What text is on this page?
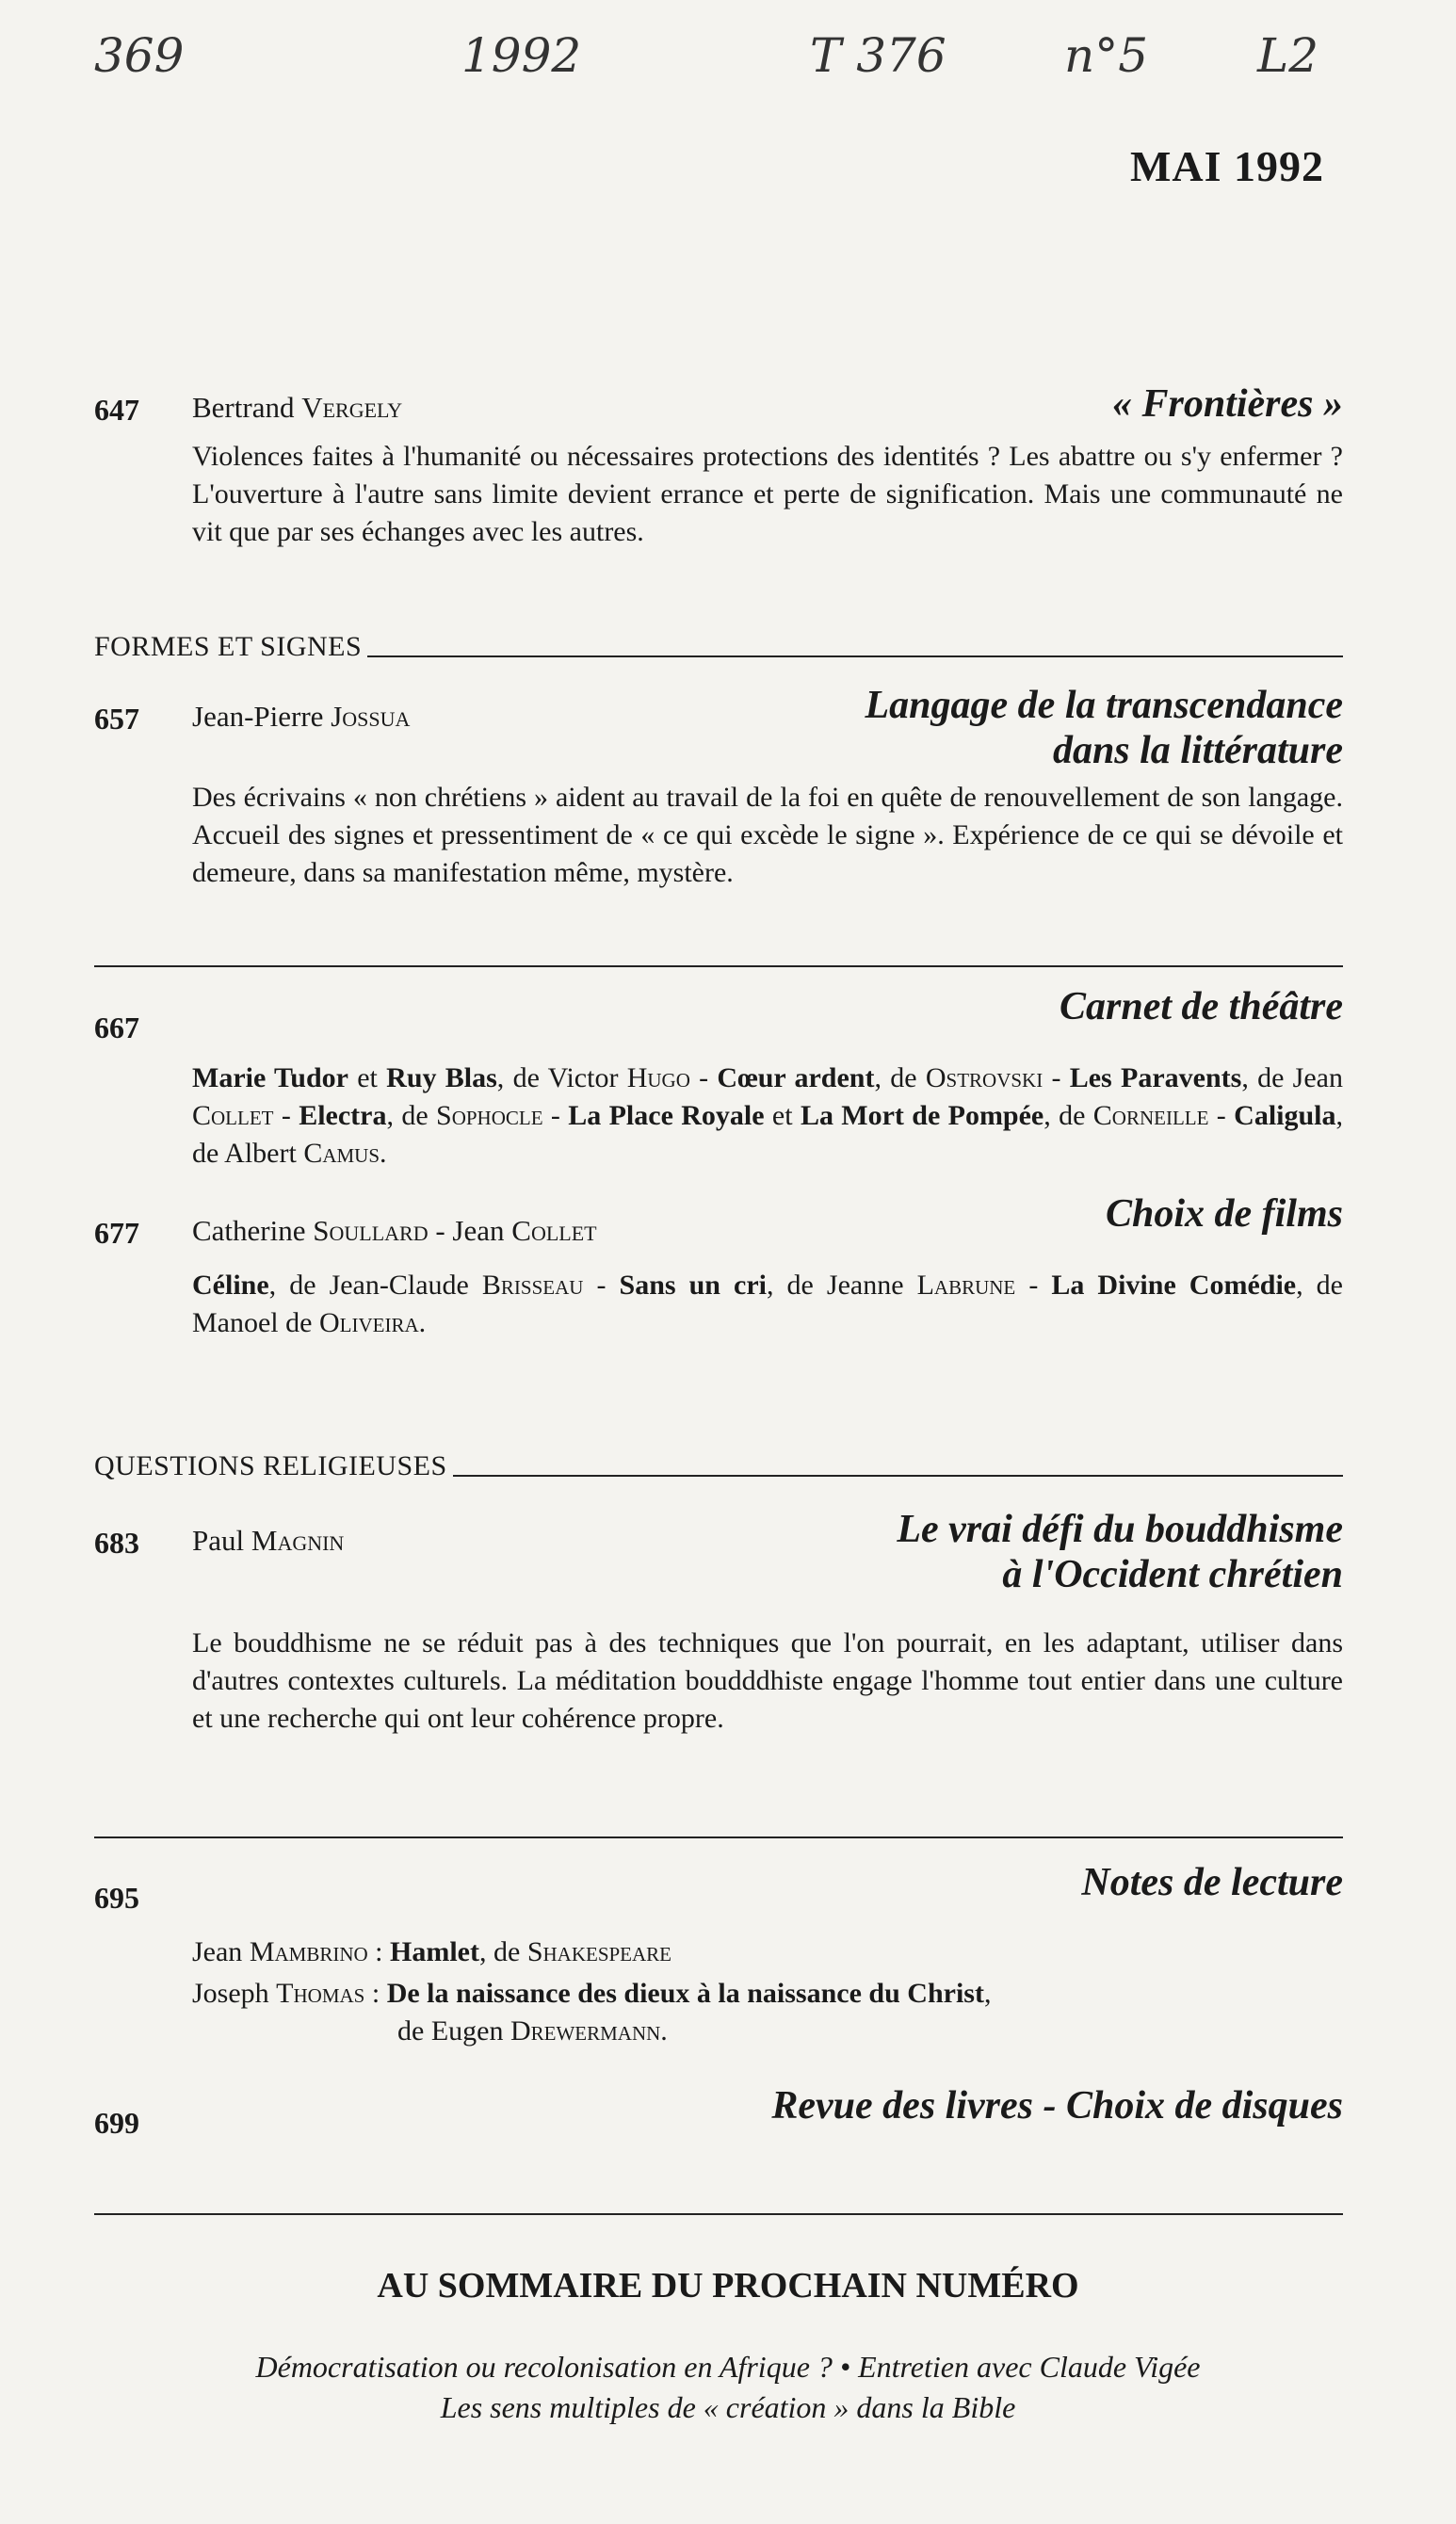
369	1992	T 376	n°5 L2
MAI 1992
647 Bertrand Vergely	« Frontières »
Violences faites à l'humanité ou nécessaires protections des identités ? Les abattre ou s'y enfermer ? L'ouverture à l'autre sans limite devient errance et perte de signification. Mais une communauté ne vit que par ses échanges avec les autres.
FORMES ET SIGNES
657 Jean-Pierre Jossua	Langage de la transcendance
dans la littérature
Des écrivains « non chrétiens » aident au travail de la foi en quête de renouvellement de son langage. Accueil des signes et pressentiment de « ce qui excède le signe ». Expérience de ce qui se dévoile et demeure, dans sa manifestation même, mystère.
667	Carnet de théâtre
Marie Tudor et Ruy Blas, de Victor Hugo - Cœur ardent, de Ostrovski - Les Paravents, de Jean Collet - Electra, de Sophocle - La Place Royale et La Mort de Pompée, de Corneille - Caligula, de Albert Camus.
677 Catherine Soullard - Jean Collet	Choix de films
Céline, de Jean-Claude Brisseau - Sans un cri, de Jeanne Labrune - La Divine Comédie, de Manoel de Oliveira.
QUESTIONS RELIGIEUSES
683 Paul Magnin	Le vrai défi du bouddhisme
à l'Occident chrétien
Le bouddhisme ne se réduit pas à des techniques que l'on pourrait, en les adaptant, utiliser dans d'autres contextes culturels. La méditation boudddhiste engage l'homme tout entier dans une culture et une recherche qui ont leur cohérence propre.
695	Notes de lecture
Jean Mambrino : Hamlet, de Shakespeare
Joseph Thomas : De la naissance des dieux à la naissance du Christ,
de Eugen Drewermann.
699	Revue des livres - Choix de disques
AU SOMMAIRE DU PROCHAIN NUMÉRO
Démocratisation ou recolonisation en Afrique ? • Entretien avec Claude Vigée
Les sens multiples de « création » dans la Bible
